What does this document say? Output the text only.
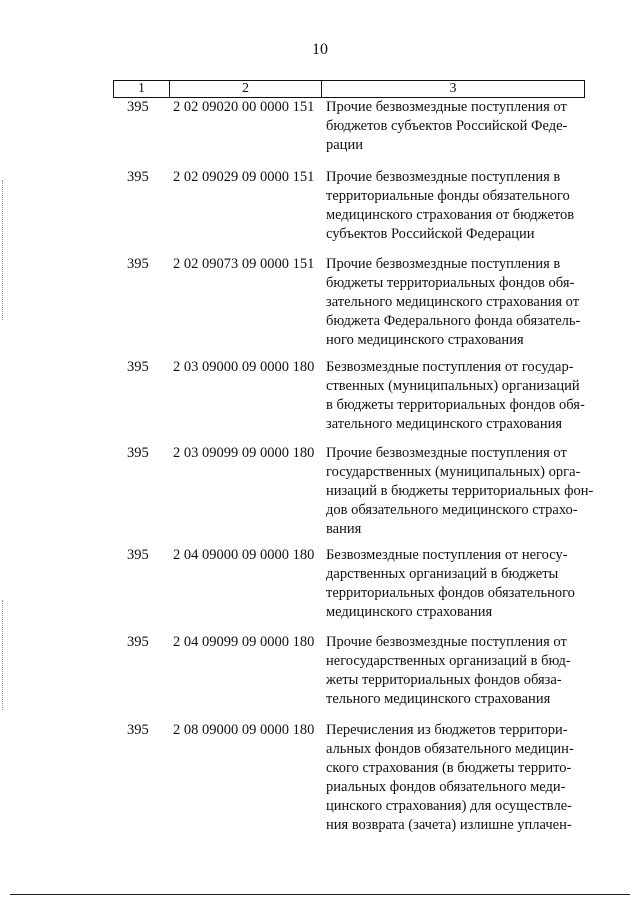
10
1	2	3
395	2 02 09020 00 0000 151 Прочие безвозмездные поступления от
бюджетов субъектов Российской Феде-
рации
395	2 02 09029 09 0000 151 Прочие безвозмездные поступления в
территориальные фонды обязательного
медицинского страхования от бюджетов
субъектов Российской Федерации
395	2 02 09073 09 0000 151 Прочие безвозмездные поступления в
бюджеты территориальных фондов обя-
зательного медицинского страхования от
бюджета Федерального фонда обязатель-
ного медицинского страхования
395	2 03 09000 09 0000 180 Безвозмездные поступления от государ-
ственных (муниципальных) организаций
в бюджеты территориальных фондов обя-
зательного медицинского страхования
395	2 03 09099 09 0000 180 Прочие безвозмездные поступления от
государственных (муниципальных) орга-
низаций в бюджеты территориальных фон-
дов обязательного медицинского страхо-
вания
395	2 04 09000 09 0000 180 Безвозмездные поступления от негосу-
дарственных организаций в бюджеты
территориальных фондов обязательного
медицинского страхования
395	2 04 09099 09 0000 180 Прочие безвозмездные поступления от
негосударственных организаций в бюд-
жеты территориальных фондов обяза-
тельного медицинского страхования
395	2 08 09000 09 0000 180 Перечисления из бюджетов территори-
альных фондов обязательного медицин-
ского страхования (в бюджеты террито-
риальных фондов обязательного меди-
цинского страхования) для осуществле-
ния возврата (зачета) излишне уплачен-
